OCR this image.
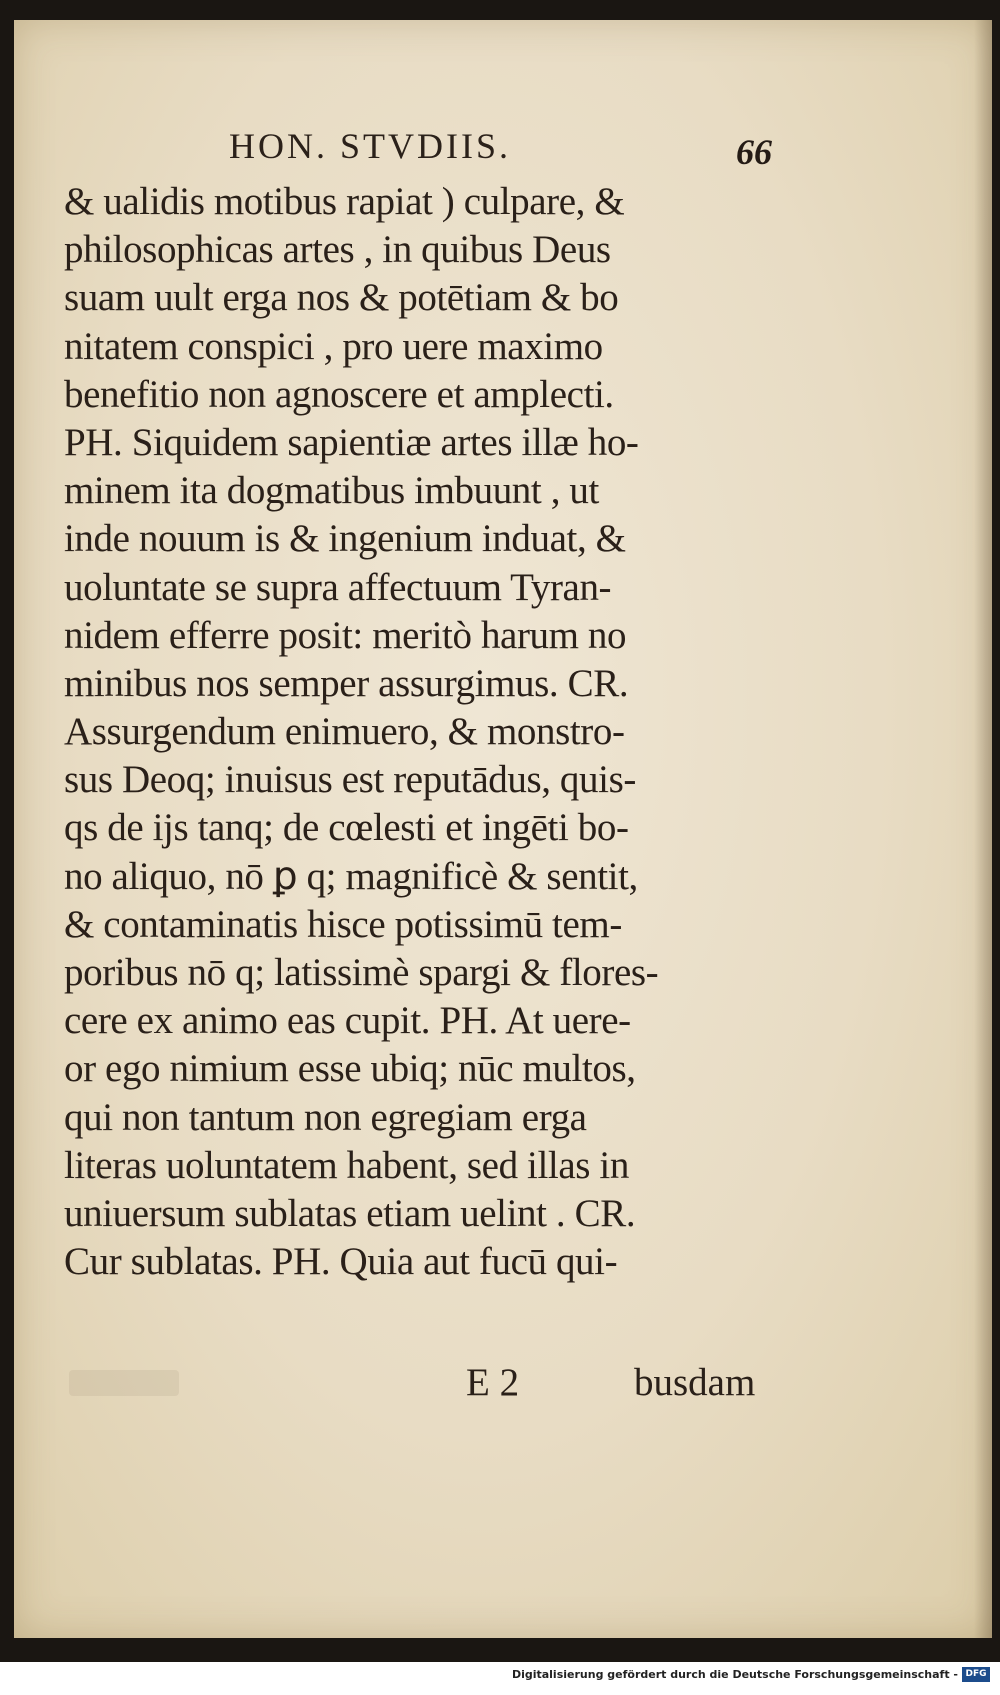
HON. STVDIIS.	66
& ualidis motibus rapiat ) culpare, &
philosophicas artes , in quibus Deus
suam uult erga nos & potētiam & bo
nitatem conspici , pro uere maximo
benefitio non agnoscere et amplecti.
PH. Siquidem sapientiæ artes illæ ho-
minem ita dogmatibus imbuunt , ut
inde nouum is & ingenium induat, &
uoluntate se supra affectuum Tyran-
nidem efferre posit: meritò harum no
minibus nos semper assurgimus. CR.
Assurgendum enimuero, & monstro-
sus Deoq; inuisus est reputādus, quis-
qs de ijs tanq; de cœlesti et ingēti bo-
no aliquo, nō ꝑ q; magnificè & sentit,
& contaminatis hisce potissimū tem-
poribus nō q; latissimè spargi & flores-
cere ex animo eas cupit. PH. At uere-
or ego nimium esse ubiq; nūc multos,
qui non tantum non egregiam erga
literas uoluntatem habent, sed illas in
uniuersum sublatas etiam uelint . CR.
Cur sublatas. PH. Quia aut fucū qui-
E 2	busdam
Digitalisierung gefördert durch die Deutsche Forschungsgemeinschaft - DFG
